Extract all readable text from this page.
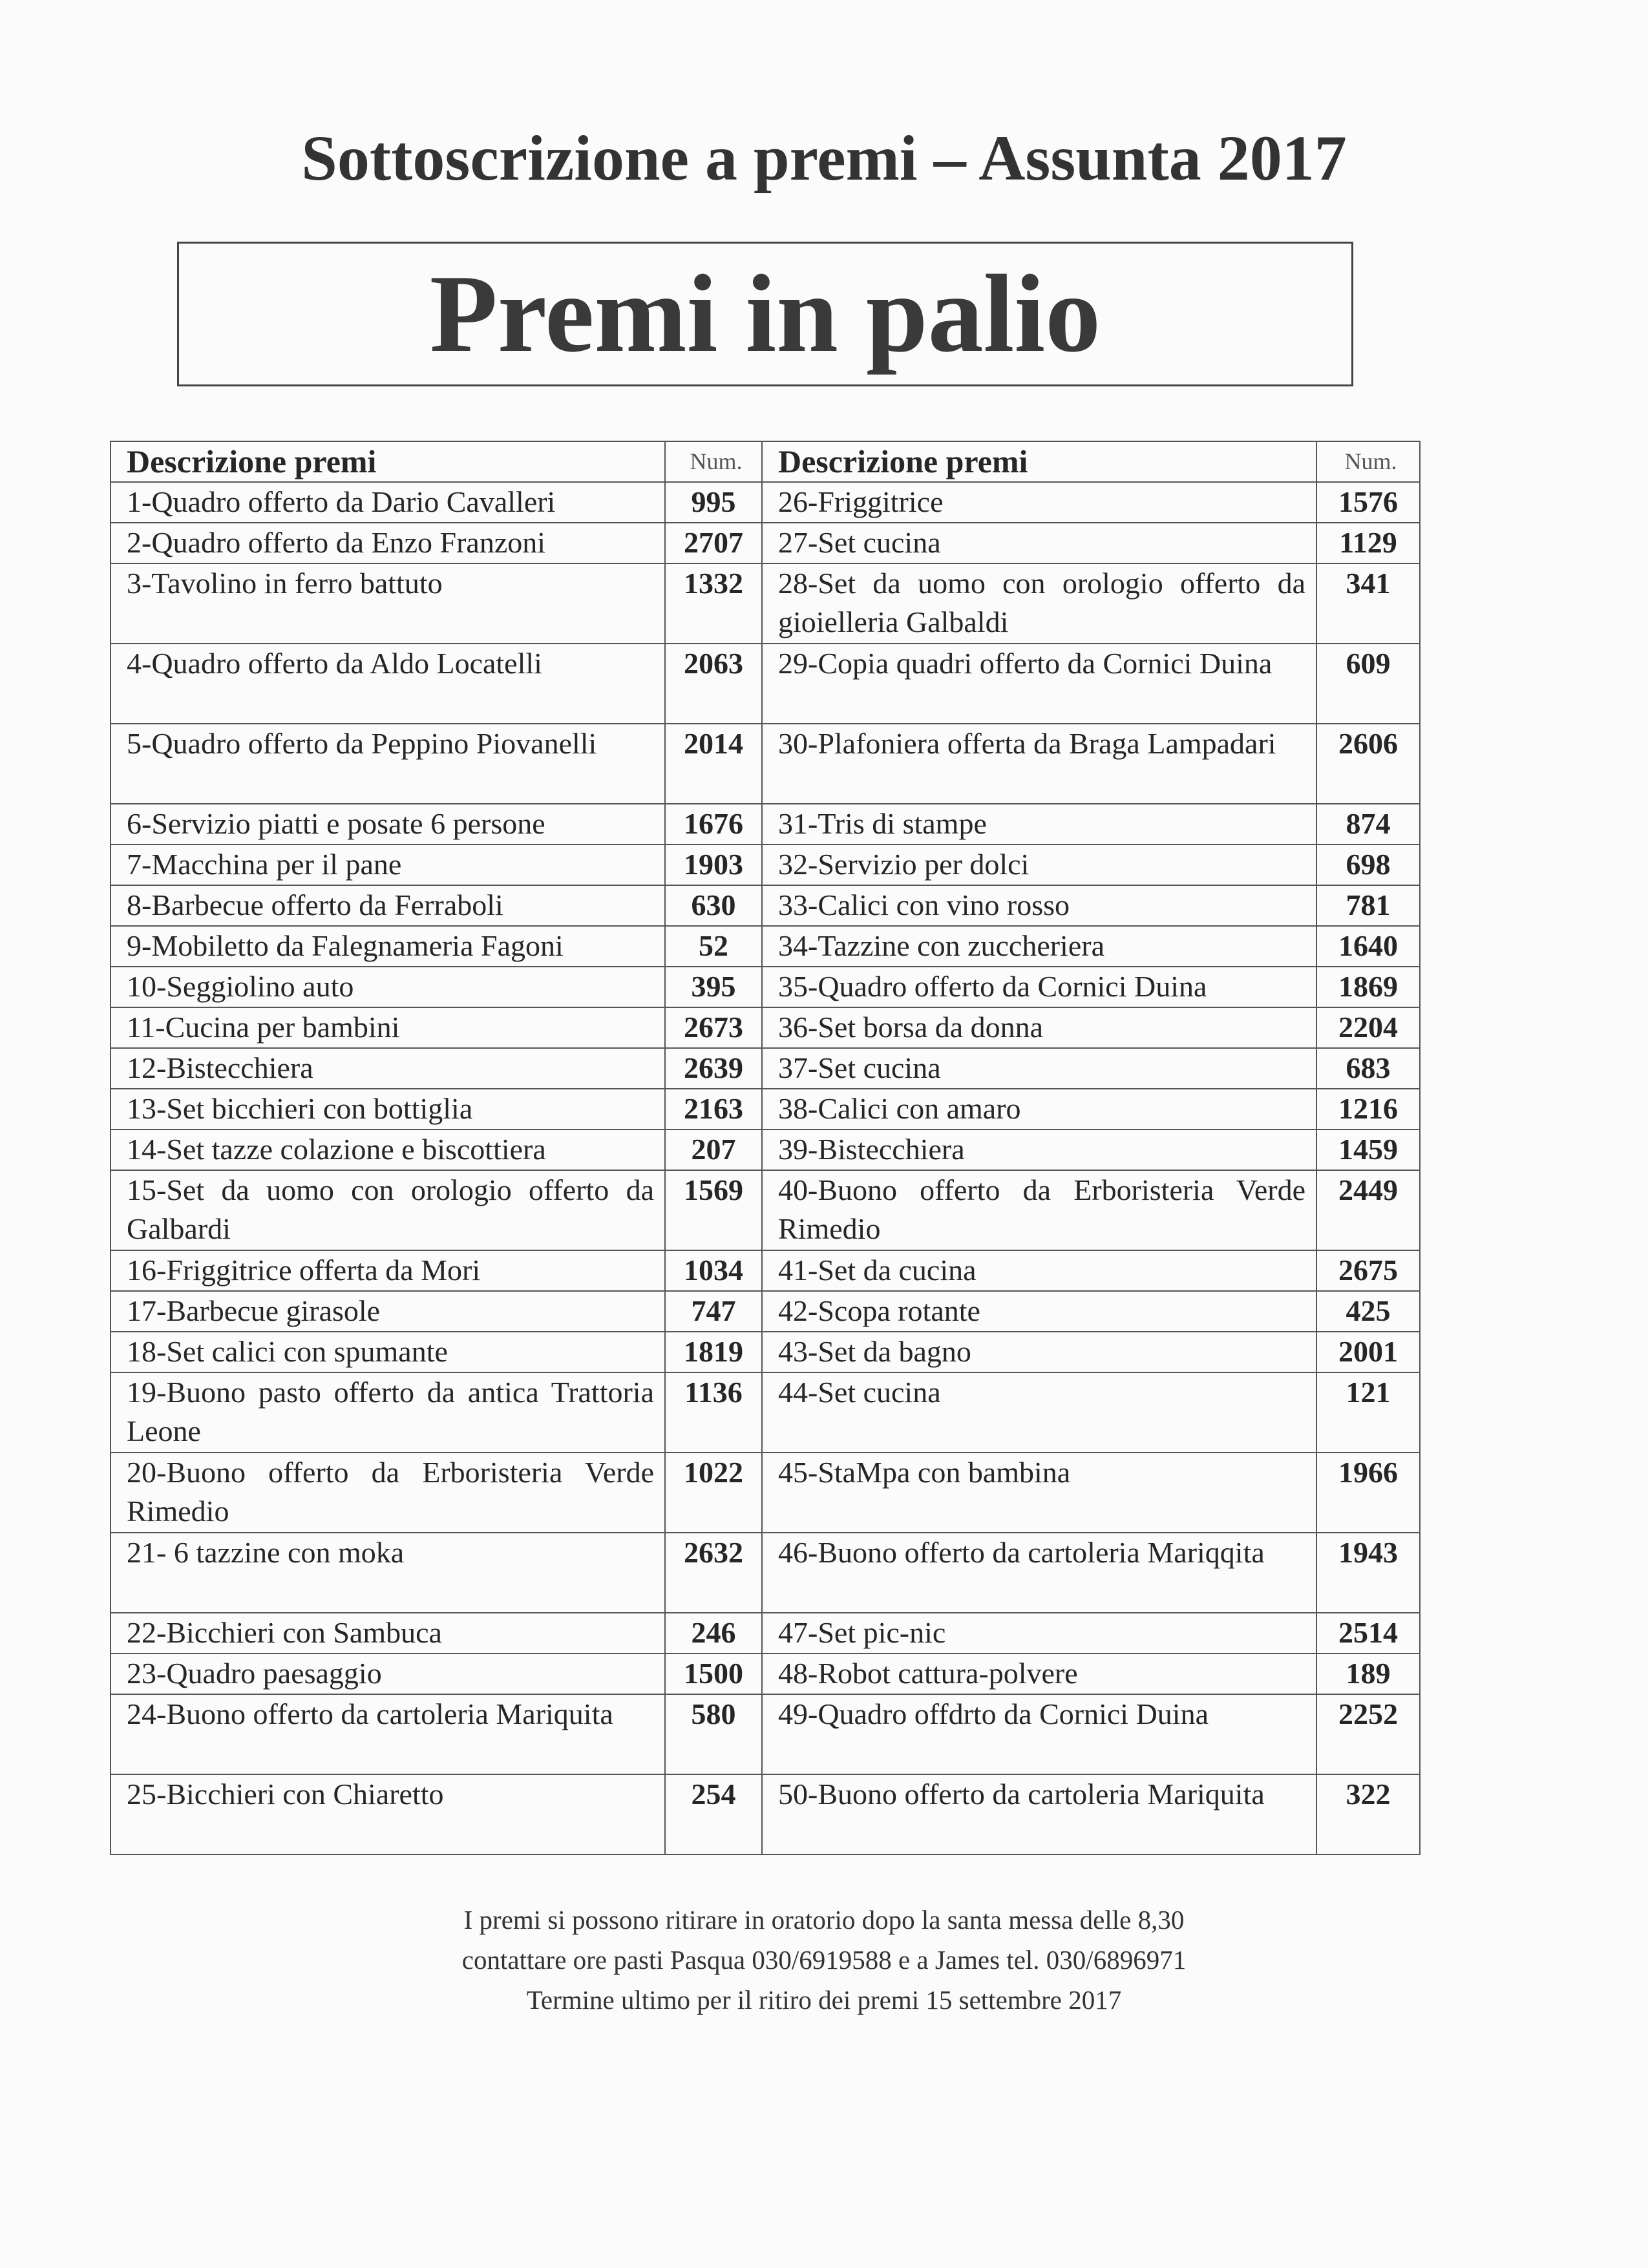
Sottoscrizione a premi – Assunta 2017
Premi in palio
Descrizione premi	Num.	Descrizione premi	Num.
1-Quadro offerto da Dario Cavalleri	995	26-Friggitrice	1576
2-Quadro offerto da Enzo Franzoni	2707	27-Set cucina	1129
3-Tavolino in ferro battuto	1332	28-Set da uomo con orologio offerto da gioielleria Galbaldi	341
4-Quadro offerto da Aldo Locatelli	2063	29-Copia quadri offerto da Cornici Duina	609
5-Quadro offerto da Peppino Piovanelli	2014	30-Plafoniera offerta da Braga Lampadari	2606
6-Servizio piatti e posate 6 persone	1676	31-Tris di stampe	874
7-Macchina per il pane	1903	32-Servizio per dolci	698
8-Barbecue offerto da Ferraboli	630	33-Calici con vino rosso	781
9-Mobiletto da Falegnameria Fagoni	52	34-Tazzine con zuccheriera	1640
10-Seggiolino auto	395	35-Quadro offerto da Cornici Duina	1869
11-Cucina per bambini	2673	36-Set borsa da donna	2204
12-Bistecchiera	2639	37-Set cucina	683
13-Set bicchieri con bottiglia	2163	38-Calici con amaro	1216
14-Set tazze colazione e biscottiera	207	39-Bistecchiera	1459
15-Set da uomo con orologio offerto da Galbardi	1569	40-Buono offerto da Erboristeria Verde Rimedio	2449
16-Friggitrice offerta da Mori	1034	41-Set da cucina	2675
17-Barbecue girasole	747	42-Scopa rotante	425
18-Set calici con spumante	1819	43-Set da bagno	2001
19-Buono pasto offerto da antica Trattoria Leone	1136	44-Set cucina	121
20-Buono offerto da Erboristeria Verde Rimedio	1022	45-StaMpa con bambina	1966
21- 6 tazzine con moka	2632	46-Buono offerto da cartoleria Mariqqita	1943
22-Bicchieri con Sambuca	246	47-Set pic-nic	2514
23-Quadro paesaggio	1500	48-Robot cattura-polvere	189
24-Buono offerto da cartoleria Mariquita	580	49-Quadro offdrto da Cornici Duina	2252
25-Bicchieri con Chiaretto	254	50-Buono offerto da cartoleria Mariquita	322
I premi si possono ritirare in oratorio dopo la santa messa delle 8,30
contattare ore pasti Pasqua 030/6919588 e a James tel. 030/6896971
Termine ultimo per il ritiro dei premi 15 settembre 2017
